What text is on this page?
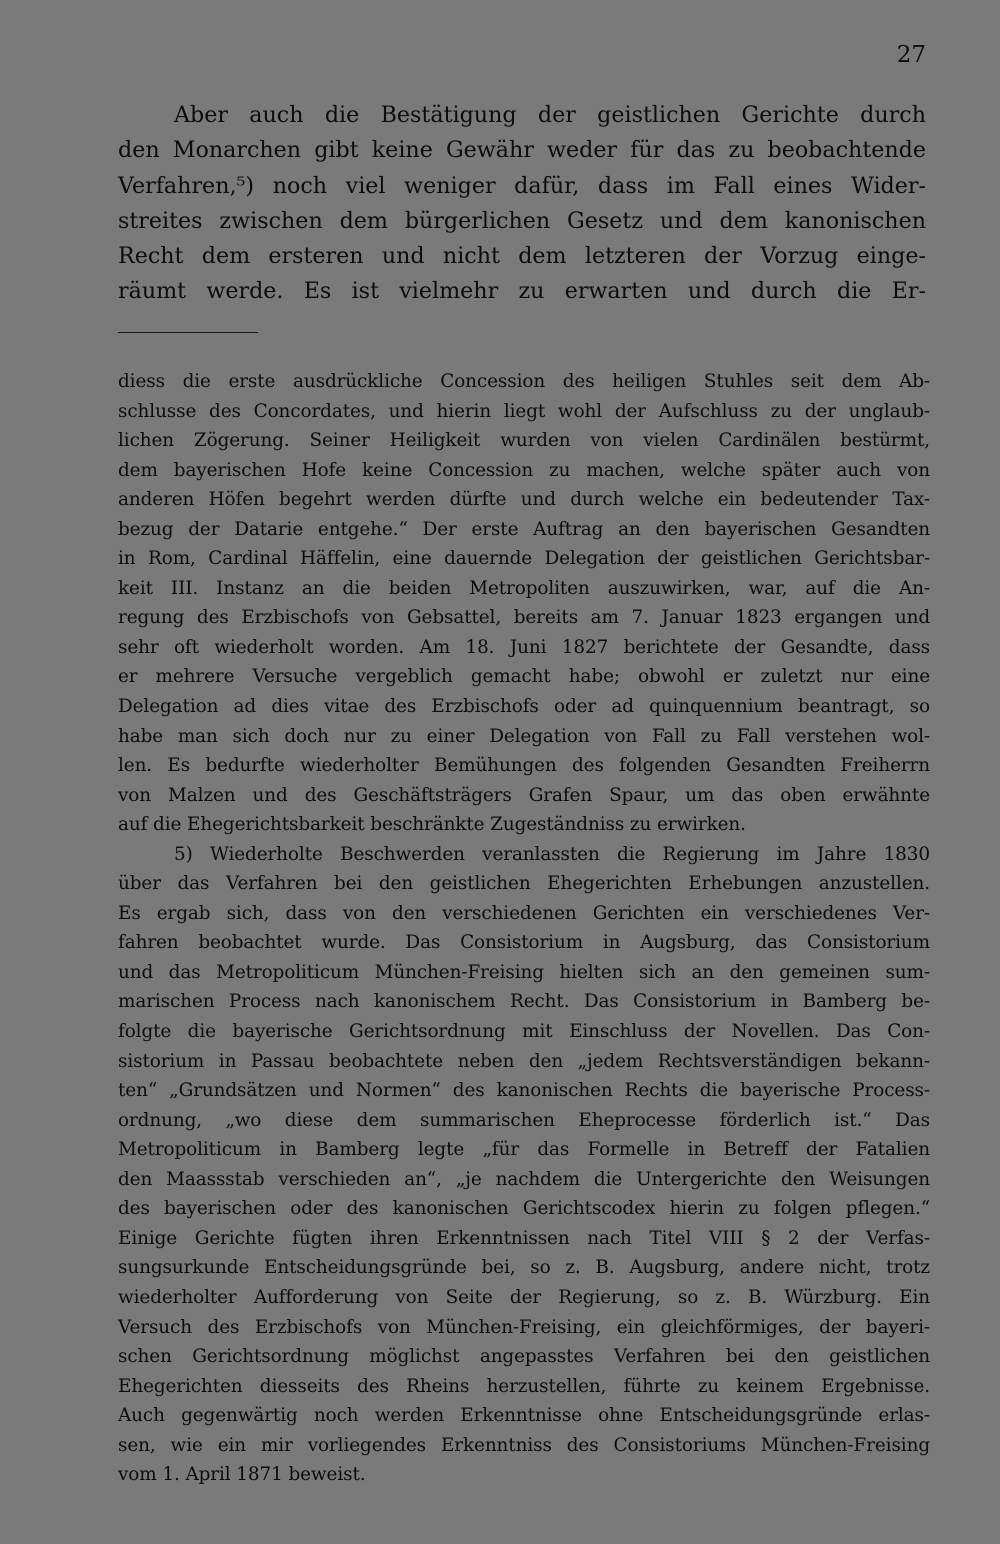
27
Aber auch die Bestätigung der geistlichen Gerichte durch
den Monarchen gibt keine Gewähr weder für das zu beobachtende
Verfahren,⁵) noch viel weniger dafür, dass im Fall eines Wider-
streites zwischen dem bürgerlichen Gesetz und dem kanonischen
Recht dem ersteren und nicht dem letzteren der Vorzug einge-
räumt werde. Es ist vielmehr zu erwarten und durch die Er-
diess die erste ausdrückliche Concession des heiligen Stuhles seit dem Ab-
schlusse des Concordates, und hierin liegt wohl der Aufschluss zu der unglaub-
lichen Zögerung. Seiner Heiligkeit wurden von vielen Cardinälen bestürmt,
dem bayerischen Hofe keine Concession zu machen, welche später auch von
anderen Höfen begehrt werden dürfte und durch welche ein bedeutender Tax-
bezug der Datarie entgehe.“ Der erste Auftrag an den bayerischen Gesandten
in Rom, Cardinal Häffelin, eine dauernde Delegation der geistlichen Gerichtsbar-
keit III. Instanz an die beiden Metropoliten auszuwirken, war, auf die An-
regung des Erzbischofs von Gebsattel, bereits am 7. Januar 1823 ergangen und
sehr oft wiederholt worden. Am 18. Juni 1827 berichtete der Gesandte, dass
er mehrere Versuche vergeblich gemacht habe; obwohl er zuletzt nur eine
Delegation ad dies vitae des Erzbischofs oder ad quinquennium beantragt, so
habe man sich doch nur zu einer Delegation von Fall zu Fall verstehen wol-
len. Es bedurfte wiederholter Bemühungen des folgenden Gesandten Freiherrn
von Malzen und des Geschäftsträgers Grafen Spaur, um das oben erwähnte
auf die Ehegerichtsbarkeit beschränkte Zugeständniss zu erwirken.
5) Wiederholte Beschwerden veranlassten die Regierung im Jahre 1830
über das Verfahren bei den geistlichen Ehegerichten Erhebungen anzustellen.
Es ergab sich, dass von den verschiedenen Gerichten ein verschiedenes Ver-
fahren beobachtet wurde. Das Consistorium in Augsburg, das Consistorium
und das Metropoliticum München-Freising hielten sich an den gemeinen sum-
marischen Process nach kanonischem Recht. Das Consistorium in Bamberg be-
folgte die bayerische Gerichtsordnung mit Einschluss der Novellen. Das Con-
sistorium in Passau beobachtete neben den „jedem Rechtsverständigen bekann-
ten“ „Grundsätzen und Normen“ des kanonischen Rechts die bayerische Process-
ordnung, „wo diese dem summarischen Eheprocesse förderlich ist.“ Das
Metropoliticum in Bamberg legte „für das Formelle in Betreff der Fatalien
den Maassstab verschieden an“, „je nachdem die Untergerichte den Weisungen
des bayerischen oder des kanonischen Gerichtscodex hierin zu folgen pflegen.“
Einige Gerichte fügten ihren Erkenntnissen nach Titel VIII § 2 der Verfas-
sungsurkunde Entscheidungsgründe bei, so z. B. Augsburg, andere nicht, trotz
wiederholter Aufforderung von Seite der Regierung, so z. B. Würzburg. Ein
Versuch des Erzbischofs von München-Freising, ein gleichförmiges, der bayeri-
schen Gerichtsordnung möglichst angepasstes Verfahren bei den geistlichen
Ehegerichten diesseits des Rheins herzustellen, führte zu keinem Ergebnisse.
Auch gegenwärtig noch werden Erkenntnisse ohne Entscheidungsgründe erlas-
sen, wie ein mir vorliegendes Erkenntniss des Consistoriums München-Freising
vom 1. April 1871 beweist.
